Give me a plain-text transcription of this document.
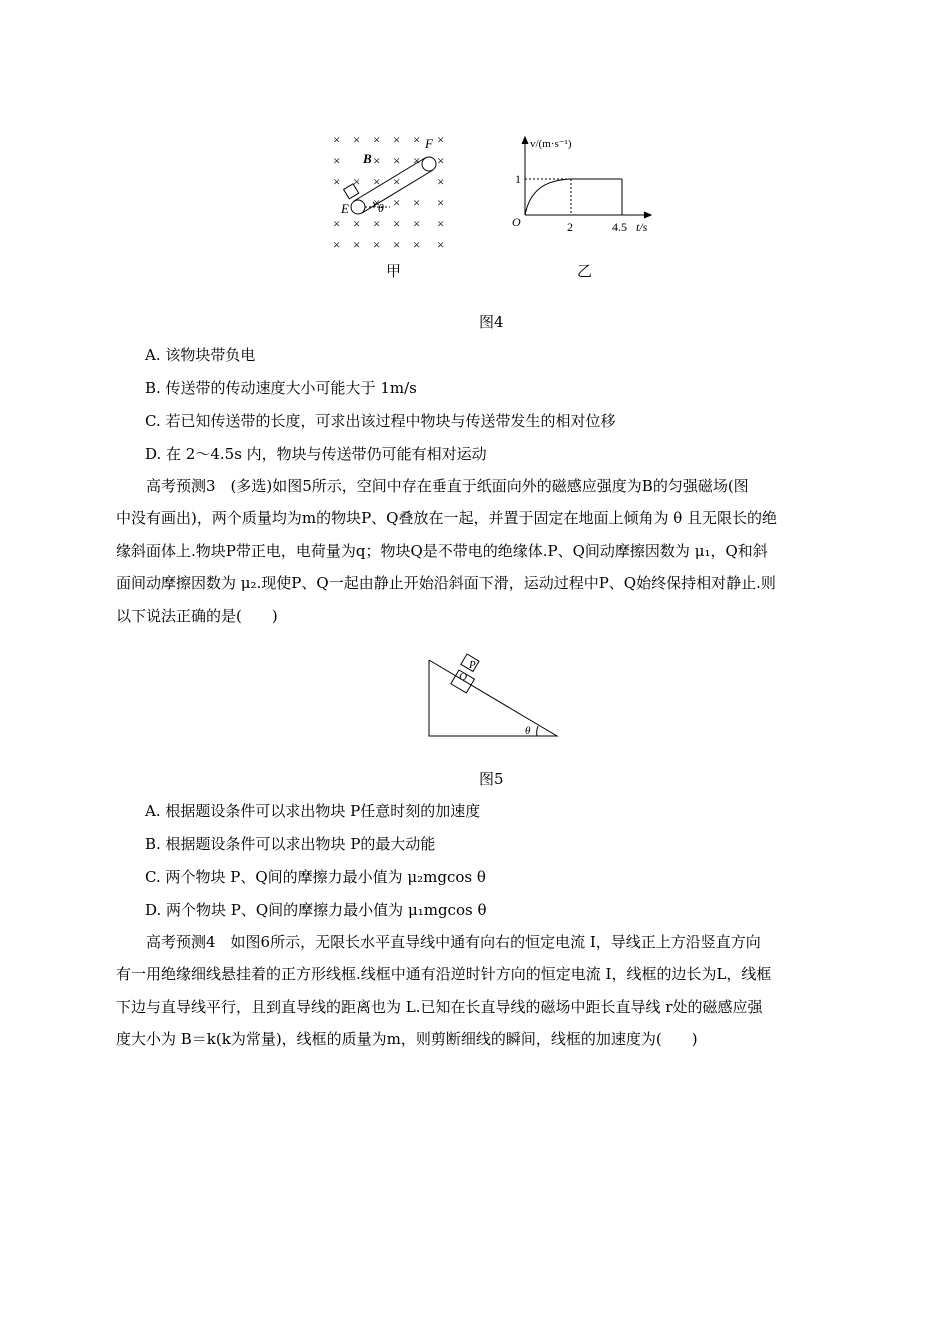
× × × × × ×
×	× × × ×
× × × ×	×
× × × ×
× × × × × ×
× × × × × ×
B
F
E θ
甲
v/(m·s⁻¹)
t/s
O
1
2	4.5
乙
图4
A. 该物块带负电
B. 传送带的传动速度大小可能大于 1m/s
C. 若已知传送带的长度，可求出该过程中物块与传送带发生的相对位移
D. 在 2～4.5s 内，物块与传送带仍可能有相对运动
高考预测3　(多选)如图5所示，空间中存在垂直于纸面向外的磁感应强度为B的匀强磁场(图
中没有画出)，两个质量均为m的物块P、Q叠放在一起，并置于固定在地面上倾角为 θ 且无限长的绝
缘斜面体上.物块P带正电，电荷量为q；物块Q是不带电的绝缘体.P、Q间动摩擦因数为 μ₁，Q和斜
面间动摩擦因数为 μ₂.现使P、Q一起由静止开始沿斜面下滑，运动过程中P、Q始终保持相对静止.则
以下说法正确的是(　　)
P
Q
θ
图5
A. 根据题设条件可以求出物块 P任意时刻的加速度
B. 根据题设条件可以求出物块 P的最大动能
C. 两个物块 P、Q间的摩擦力最小值为 μ₂mgcos θ
D. 两个物块 P、Q间的摩擦力最小值为 μ₁mgcos θ
高考预测4　如图6所示，无限长水平直导线中通有向右的恒定电流 I，导线正上方沿竖直方向
有一用绝缘细线悬挂着的正方形线框.线框中通有沿逆时针方向的恒定电流 I，线框的边长为L，线框
下边与直导线平行，且到直导线的距离也为 L.已知在长直导线的磁场中距长直导线 r处的磁感应强
度大小为 B＝k(k为常量)，线框的质量为m，则剪断细线的瞬间，线框的加速度为(　　)
